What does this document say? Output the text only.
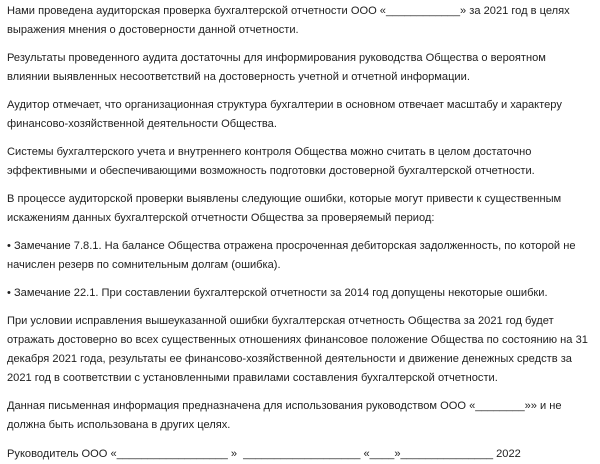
Нами проведена аудиторская проверка бухгалтерской отчетности ООО «____________» за 2021 год в целях выражения мнения о достоверности данной отчетности.

Результаты проведенного аудита достаточны для информирования руководства Общества о вероятном влиянии выявленных несоответствий на достоверность учетной и отчетной информации.

Аудитор отмечает, что организационная структура бухгалтерии в основном отвечает масштабу и характеру финансово-хозяйственной деятельности Общества.

Системы бухгалтерского учета и внутреннего контроля Общества можно считать в целом достаточно эффективными и обеспечивающими возможность подготовки достоверной бухгалтерской отчетности.

В процессе аудиторской проверки выявлены следующие ошибки, которые могут привести к существенным искажениям данных бухгалтерской отчетности Общества за проверяемый период:

• Замечание 7.8.1. На балансе Общества отражена просроченная дебиторская задолженность, по которой не начислен резерв по сомнительным долгам (ошибка).

• Замечание 22.1. При составлении бухгалтерской отчетности за 2014 год допущены некоторые ошибки.

При условии исправления вышеуказанной ошибки бухгалтерская отчетность Общества за 2021 год будет отражать достоверно во всех существенных отношениях финансовое положение Общества по состоянию на 31 декабря 2021 года, результаты ее финансово-хозяйственной деятельности и движение денежных средств за 2021 год в соответствии с установленными правилами составления бухгалтерской отчетности.

Данная письменная информация предназначена для использования руководством ООО «________»» и не должна быть использована в других целях.

Руководитель ООО «__________________ »  ___________________ «____»_______________ 2022
